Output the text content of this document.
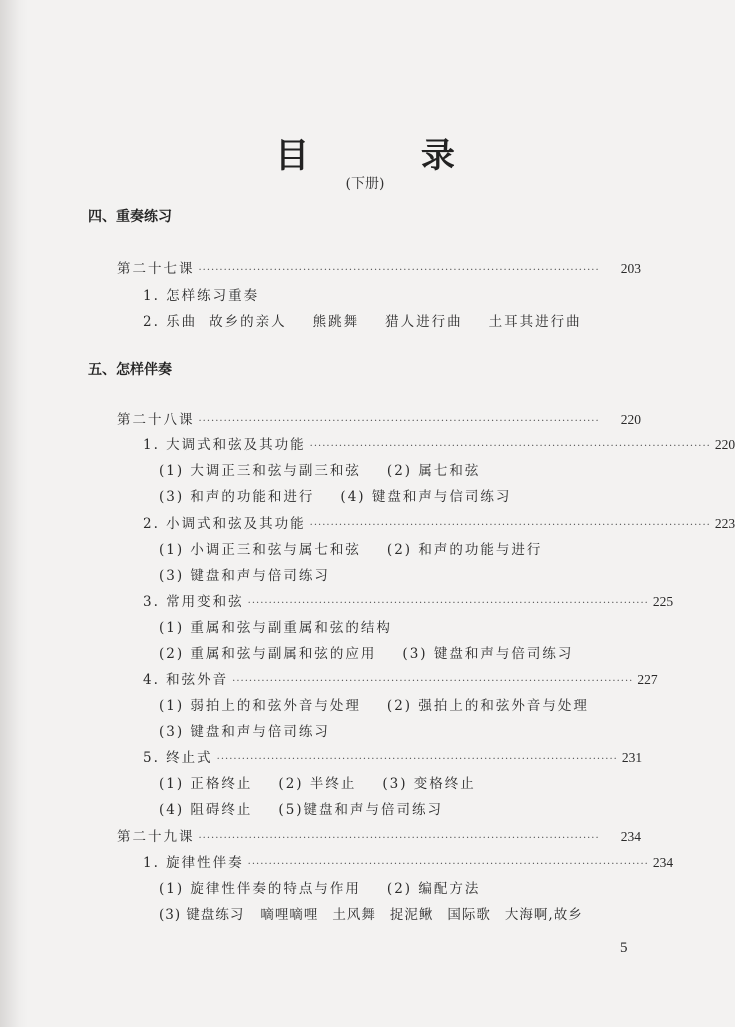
目 录
(下册)
四、重奏练习
第二十七课 ································································································	203
1. 怎样练习重奏
2. 乐曲 故乡的亲人 熊跳舞 猎人进行曲 土耳其进行曲
五、怎样伴奏
第二十八课 ································································································	220
1. 大调式和弦及其功能 ································································································ 220
(1) 大调正三和弦与副三和弦 (2) 属七和弦
(3) 和声的功能和进行 (4) 键盘和声与信司练习
2. 小调式和弦及其功能 ································································································ 223
(1) 小调正三和弦与属七和弦 (2) 和声的功能与进行
(3) 键盘和声与倍司练习
3. 常用变和弦 ································································································ 225
(1) 重属和弦与副重属和弦的结构
(2) 重属和弦与副属和弦的应用 (3) 键盘和声与倍司练习
4. 和弦外音 ································································································ 227
(1) 弱拍上的和弦外音与处理 (2) 强拍上的和弦外音与处理
(3) 键盘和声与倍司练习
5. 终止式 ································································································ 231
(1) 正格终止 (2) 半终止 (3) 变格终止
(4) 阻碍终止 (5)键盘和声与倍司练习
第二十九课 ································································································	234
1. 旋律性伴奏 ································································································ 234
(1) 旋律性伴奏的特点与作用 (2) 编配方法
(3) 键盘练习 嘀哩嘀哩 土风舞 捉泥鳅 国际歌 大海啊,故乡
5
